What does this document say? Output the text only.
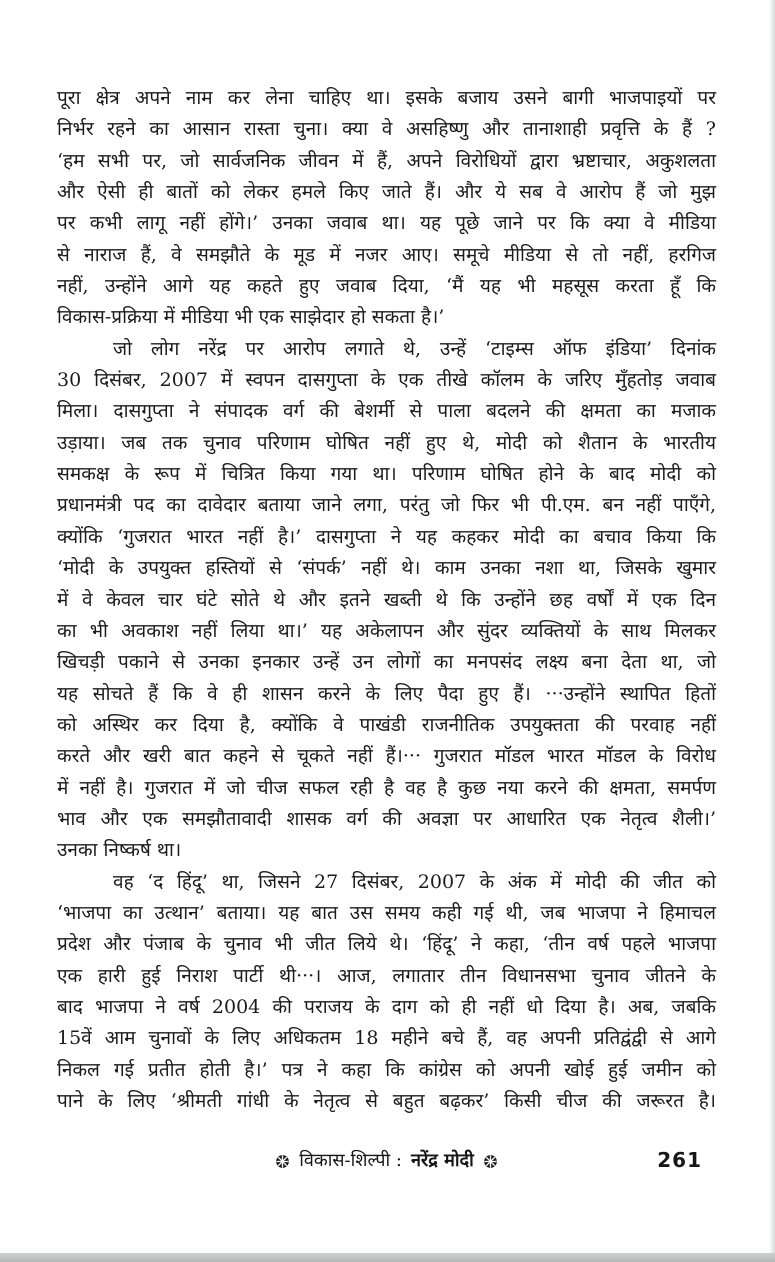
पूरा क्षेत्र अपने नाम कर लेना चाहिए था। इसके बजाय उसने बागी भाजपाइयों पर
निर्भर रहने का आसान रास्ता चुना। क्या वे असहिष्णु और तानाशाही प्रवृत्ति के हैं ?
‘हम सभी पर, जो सार्वजनिक जीवन में हैं, अपने विरोधियों द्वारा भ्रष्टाचार, अकुशलता
और ऐसी ही बातों को लेकर हमले किए जाते हैं। और ये सब वे आरोप हैं जो मुझ
पर कभी लागू नहीं होंगे।’ उनका जवाब था। यह पूछे जाने पर कि क्या वे मीडिया
से नाराज हैं, वे समझौते के मूड में नजर आए। समूचे मीडिया से तो नहीं, हरगिज
नहीं, उन्होंने आगे यह कहते हुए जवाब दिया, ‘मैं यह भी महसूस करता हूँ कि
विकास-प्रक्रिया में मीडिया भी एक साझेदार हो सकता है।’
जो लोग नरेंद्र पर आरोप लगाते थे, उन्हें ‘टाइम्स ऑफ इंडिया’ दिनांक
30 दिसंबर, 2007 में स्वपन दासगुप्ता के एक तीखे कॉलम के जरिए मुँहतोड़ जवाब
मिला। दासगुप्ता ने संपादक वर्ग की बेशर्मी से पाला बदलने की क्षमता का मजाक
उड़ाया। जब तक चुनाव परिणाम घोषित नहीं हुए थे, मोदी को शैतान के भारतीय
समकक्ष के रूप में चित्रित किया गया था। परिणाम घोषित होने के बाद मोदी को
प्रधानमंत्री पद का दावेदार बताया जाने लगा, परंतु जो फिर भी पी.एम. बन नहीं पाएँगे,
क्योंकि ‘गुजरात भारत नहीं है।’ दासगुप्ता ने यह कहकर मोदी का बचाव किया कि
‘मोदी के उपयुक्त हस्तियों से ‘संपर्क’ नहीं थे। काम उनका नशा था, जिसके खुमार
में वे केवल चार घंटे सोते थे और इतने खब्ती थे कि उन्होंने छह वर्षों में एक दिन
का भी अवकाश नहीं लिया था।’ यह अकेलापन और सुंदर व्यक्तियों के साथ मिलकर
खिचड़ी पकाने से उनका इनकार उन्हें उन लोगों का मनपसंद लक्ष्य बना देता था, जो
यह सोचते हैं कि वे ही शासन करने के लिए पैदा हुए हैं। ···उन्होंने स्थापित हितों
को अस्थिर कर दिया है, क्योंकि वे पाखंडी राजनीतिक उपयुक्तता की परवाह नहीं
करते और खरी बात कहने से चूकते नहीं हैं।··· गुजरात मॉडल भारत मॉडल के विरोध
में नहीं है। गुजरात में जो चीज सफल रही है वह है कुछ नया करने की क्षमता, समर्पण
भाव और एक समझौतावादी शासक वर्ग की अवज्ञा पर आधारित एक नेतृत्व शैली।’
उनका निष्कर्ष था।
वह ‘द हिंदू’ था, जिसने 27 दिसंबर, 2007 के अंक में मोदी की जीत को
‘भाजपा का उत्थान’ बताया। यह बात उस समय कही गई थी, जब भाजपा ने हिमाचल
प्रदेश और पंजाब के चुनाव भी जीत लिये थे। ‘हिंदू’ ने कहा, ‘तीन वर्ष पहले भाजपा
एक हारी हुई निराश पार्टी थी···। आज, लगातार तीन विधानसभा चुनाव जीतने के
बाद भाजपा ने वर्ष 2004 की पराजय के दाग को ही नहीं धो दिया है। अब, जबकि
15वें आम चुनावों के लिए अधिकतम 18 महीने बचे हैं, वह अपनी प्रतिद्वंद्वी से आगे
निकल गई प्रतीत होती है।’ पत्र ने कहा कि कांग्रेस को अपनी खोई हुई जमीन को
पाने के लिए ‘श्रीमती गांधी के नेतृत्व से बहुत बढ़कर’ किसी चीज की जरूरत है।
विकास-शिल्पी : नरेंद्र मोदी	261
